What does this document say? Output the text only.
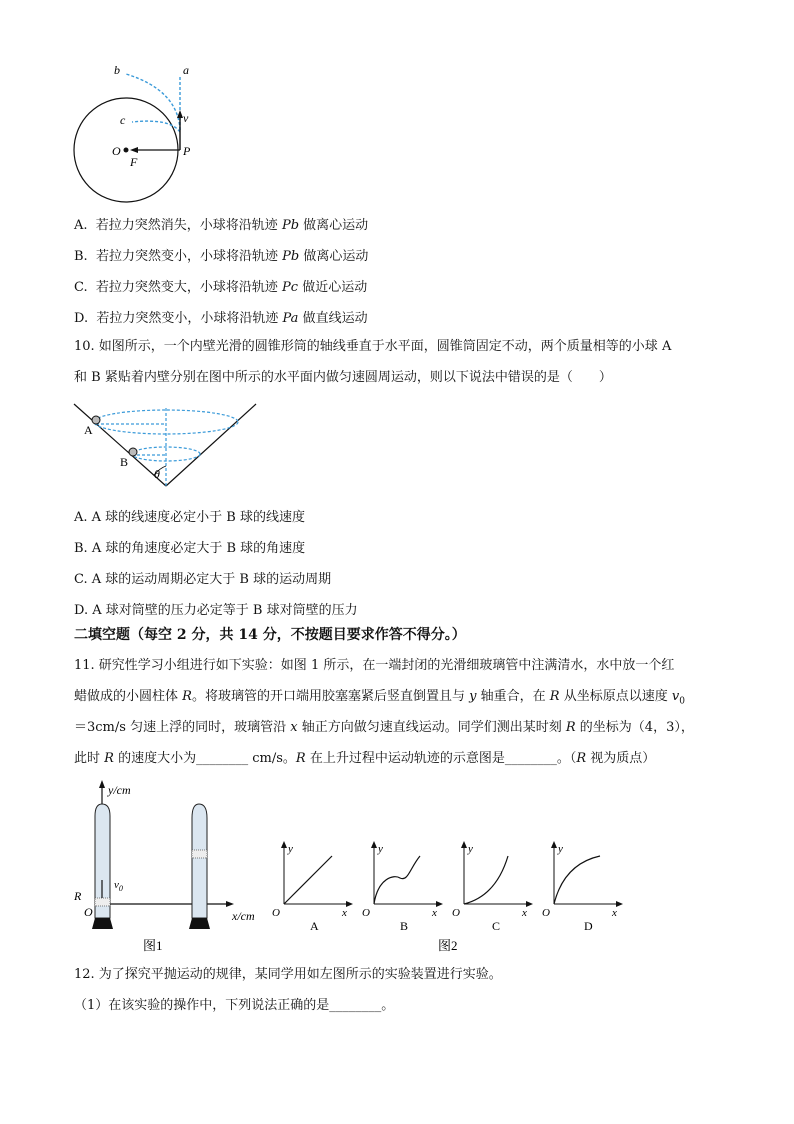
a
b
c	v
O
F
P
A. 若拉力突然消失，小球将沿轨迹 Pb 做离心运动
B. 若拉力突然变小，小球将沿轨迹 Pb 做离心运动
C. 若拉力突然变大，小球将沿轨迹 Pc 做近心运动
D. 若拉力突然变小，小球将沿轨迹 Pa 做直线运动
10. 如图所示，一个内壁光滑的圆锥形筒的轴线垂直于水平面，圆锥筒固定不动，两个质量相等的小球 A
和 B 紧贴着内壁分别在图中所示的水平面内做匀速圆周运动，则以下说法中错误的是（　　）
A
B
θ
A. A 球的线速度必定小于 B 球的线速度
B. A 球的角速度必定大于 B 球的角速度
C. A 球的运动周期必定大于 B 球的运动周期
D. A 球对筒壁的压力必定等于 B 球对筒壁的压力
二填空题（每空 2 分，共 14 分，不按题目要求作答不得分。）
11. 研究性学习小组进行如下实验：如图 1 所示，在一端封闭的光滑细玻璃管中注满清水，水中放一个红
蜡做成的小圆柱体 R。将玻璃管的开口端用胶塞塞紧后竖直倒置且与 y 轴重合，在 R 从坐标原点以速度 $v_0$
＝3cm/s 匀速上浮的同时，玻璃管沿 x 轴正方向做匀速直线运动。同学们测出某时刻 R 的坐标为（4，3），
此时 R 的速度大小为________ cm/s。R 在上升过程中运动轨迹的示意图是________。（R 视为质点）
y/cm
x/cm
R
O
$v_0$
图1
y
O	x
A
y
O	x
B
y
O	x
C
y
O	x
D
图2
12. 为了探究平抛运动的规律，某同学用如左图所示的实验装置进行实验。
（1）在该实验的操作中，下列说法正确的是________。
